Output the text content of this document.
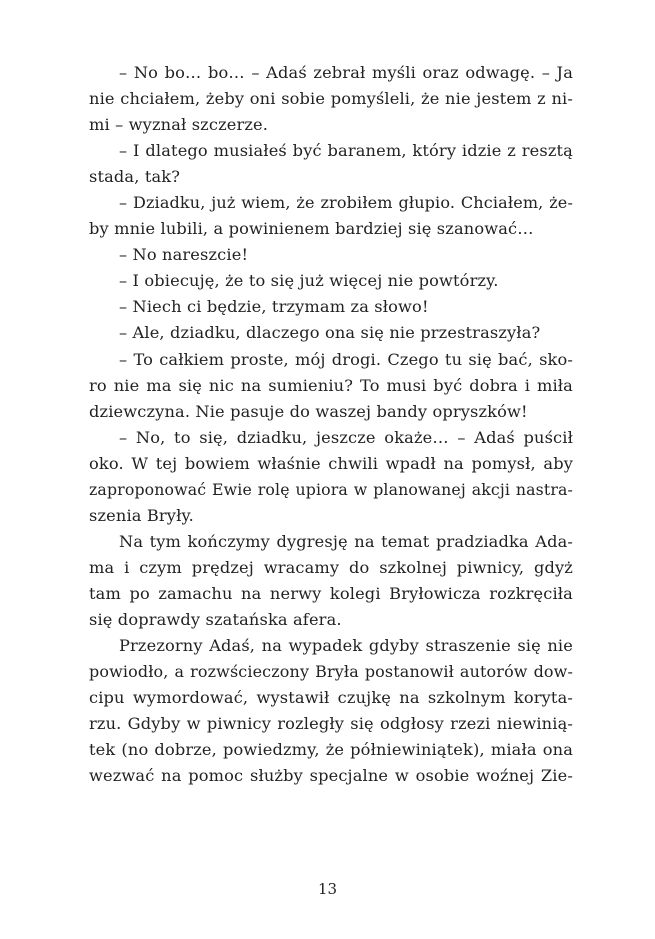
– No bo… bo… – Adaś zebrał myśli oraz odwagę. – Ja
nie chciałem, żeby oni sobie pomyśleli, że nie jestem z ni-
mi – wyznał szczerze.
– I dlatego musiałeś być baranem, który idzie z resztą
stada, tak?
– Dziadku, już wiem, że zrobiłem głupio. Chciałem, że-
by mnie lubili, a powinienem bardziej się szanować…
– No nareszcie!
– I obiecuję, że to się już więcej nie powtórzy.
– Niech ci będzie, trzymam za słowo!
– Ale, dziadku, dlaczego ona się nie przestraszyła?
– To całkiem proste, mój drogi. Czego tu się bać, sko-
ro nie ma się nic na sumieniu? To musi być dobra i miła
dziewczyna. Nie pasuje do waszej bandy opryszków!
– No, to się, dziadku, jeszcze okaże… – Adaś puścił
oko. W tej bowiem właśnie chwili wpadł na pomysł, aby
zaproponować Ewie rolę upiora w planowanej akcji nastra-
szenia Bryły.
Na tym kończymy dygresję na temat pradziadka Ada-
ma i czym prędzej wracamy do szkolnej piwnicy, gdyż
tam po zamachu na nerwy kolegi Bryłowicza rozkręciła
się doprawdy szatańska afera.
Przezorny Adaś, na wypadek gdyby straszenie się nie
powiodło, a rozwścieczony Bryła postanowił autorów dow-
cipu wymordować, wystawił czujkę na szkolnym koryta-
rzu. Gdyby w piwnicy rozległy się odgłosy rzezi niewinią-
tek (no dobrze, powiedzmy, że półniewiniątek), miała ona
wezwać na pomoc służby specjalne w osobie woźnej Zie-
13
